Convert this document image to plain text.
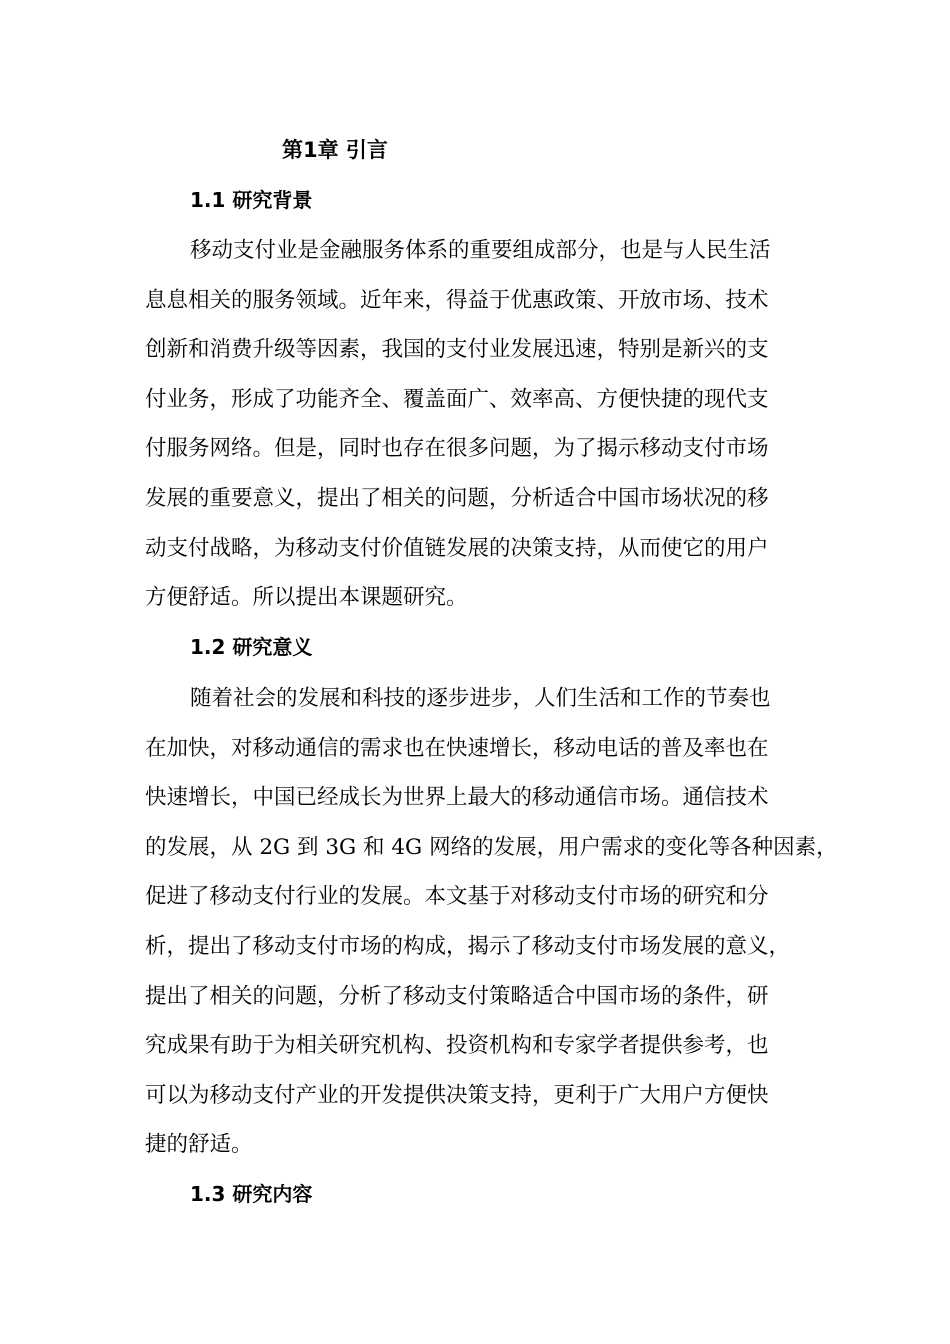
第1章 引言
1.1 研究背景
移动支付业是金融服务体系的重要组成部分，也是与人民生活
息息相关的服务领域。近年来，得益于优惠政策、开放市场、技术
创新和消费升级等因素，我国的支付业发展迅速，特别是新兴的支
付业务，形成了功能齐全、覆盖面广、效率高、方便快捷的现代支
付服务网络。但是，同时也存在很多问题，为了揭示移动支付市场
发展的重要意义，提出了相关的问题，分析适合中国市场状况的移
动支付战略，为移动支付价值链发展的决策支持，从而使它的用户
方便舒适。所以提出本课题研究。
1.2 研究意义
随着社会的发展和科技的逐步进步，人们生活和工作的节奏也
在加快，对移动通信的需求也在快速增长，移动电话的普及率也在
快速增长，中国已经成长为世界上最大的移动通信市场。通信技术
的发展，从 2G 到 3G 和 4G 网络的发展，用户需求的变化等各种因素，
促进了移动支付行业的发展。本文基于对移动支付市场的研究和分
析，提出了移动支付市场的构成，揭示了移动支付市场发展的意义，
提出了相关的问题，分析了移动支付策略适合中国市场的条件，研
究成果有助于为相关研究机构、投资机构和专家学者提供参考，也
可以为移动支付产业的开发提供决策支持，更利于广大用户方便快
捷的舒适。
1.3 研究内容
